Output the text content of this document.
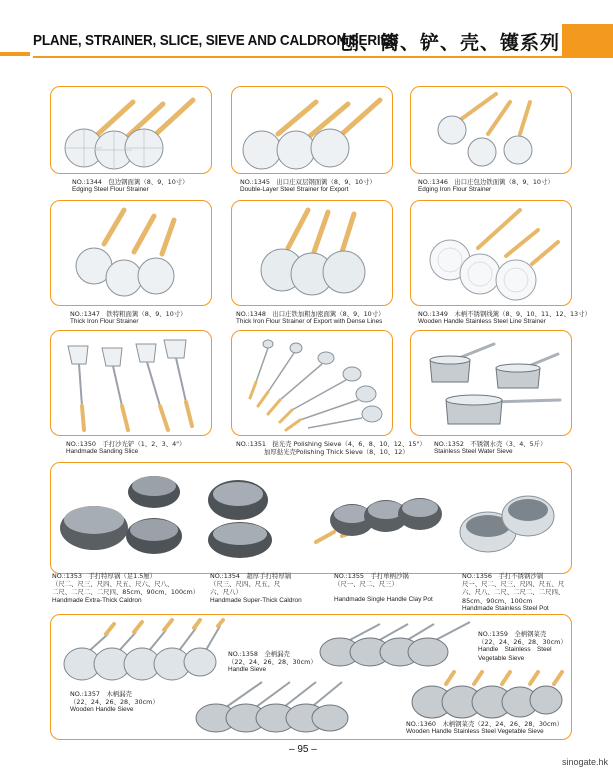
PLANE, STRAINER, SLICE, SIEVE AND CALDRON SERIES
刨、篱、铲、壳、镬系列
NO.:1344　包边钢面篱（8、9、10寸）
Edging Steel Flour Strainer
NO.:1345　出口庄双层钢面篱（8、9、10寸）
Double-Layer Steel Strainer for Export
NO.:1346　出口庄包边铁面篱（8、9、10寸）
Edging Iron Flour Strainer
NO.:1347　铁特粗面篱（8、9、10寸）
Thick Iron Flour Strainer
NO.:1348　出口庄铁加粗加密面篱（8、9、10寸）
Thick Iron Flour Strainer of Export with Dense Lines
NO.:1349　木柄不锈钢线篱（8、9、10、11、12、13寸）
Wooden Handle Stainless Steel Line Strainer
NO.:1350　手打沙光铲（1、2、3、4"）
Handmade Sanding Slice
NO.:1351　挞光壳 Polishing Sieve（4、6、8、10、12、15"）
加厚挞光壳Polishing Thick Sieve（8、10、12）
NO.:1352　不锈钢水壳（3、4、5斤）
Stainless Steel Water Sieve
NO.:1353　手打特厚锅（足1.5厘）
（尺二、尺三、尺四、尺五、尺六、尺八、
二尺、二尺二、二尺四、85cm、90cm、100cm）
Handmade Extra-Thick Caldron
NO.:1354　超厚手打特厚锅
（尺三、尺四、尺五、尺
六、尺八）
Handmade Super-Thick Caldron
NO.:1355　手打单柄沙锅
（尺一、尺二、尺三）
Handmade Single Handle Clay Pot
NO.:1356　手打不锈钢沙锅
尺一、尺二、尺三、尺四、尺五、尺
六、尺八、二尺、二尺二、二尺四、
85cm、90cm、100cm
Handmade Stainless Steel Pot
NO.:1357　木柄漏壳
（22、24、26、28、30cm）
Wooden Handle Sieve
NO.:1358　全柄漏壳
（22、24、26、28、30cm）
Handle Sieve
NO.:1359　全柄钢菜壳
（22、24、26、28、30cm）
Handle　Stainless　Steel
Vegetable Sieve
NO.:1360　木柄钢菜壳（22、24、26、28、30cm）
Wooden Handle Stainless Steel Vegetable Sieve
– 95 –
sinogate.hk
